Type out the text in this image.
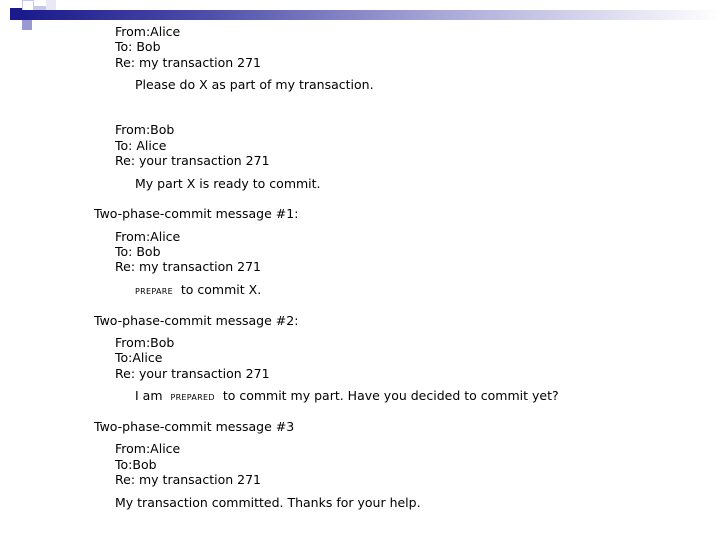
From:Alice
To: Bob
Re: my transaction 271
Please do X as part of my transaction.
From:Bob
To: Alice
Re: your transaction 271
My part X is ready to commit.
Two-phase-commit message #1:
From:Alice
To: Bob
Re: my transaction 271
PREPARE to commit X.
Two-phase-commit message #2:
From:Bob
To:Alice
Re: your transaction 271
I am PREPARED to commit my part. Have you decided to commit yet?
Two-phase-commit message #3
From:Alice
To:Bob
Re: my transaction 271
My transaction committed. Thanks for your help.
